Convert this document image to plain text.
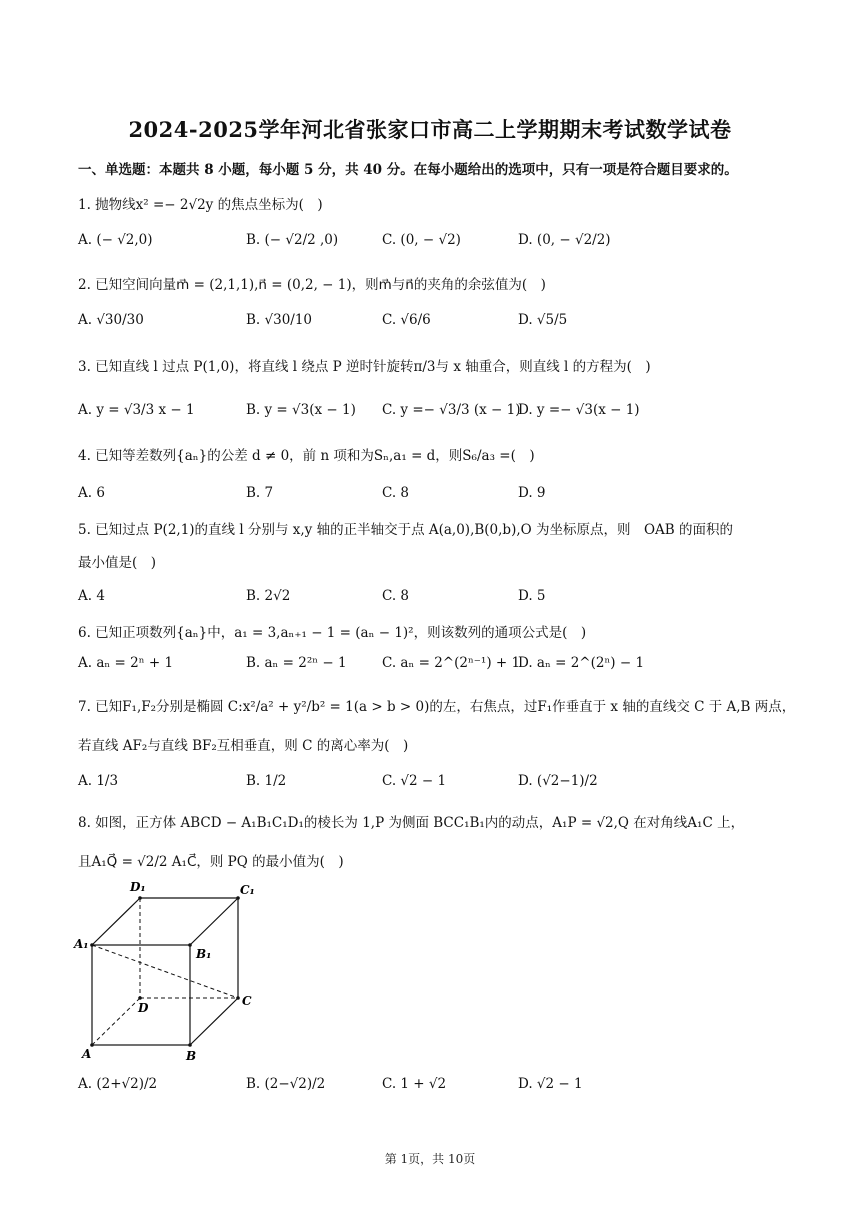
2024-2025学年河北省张家口市高二上学期期末考试数学试卷
一、单选题：本题共 8 小题，每小题 5 分，共 40 分。在每小题给出的选项中，只有一项是符合题目要求的。
1. 抛物线x² =− 2√2y 的焦点坐标为(　)
A. (− √2,0)	B. (− √2/2 ,0)	C. (0, − √2)	D. (0, − √2/2)
2. 已知空间向量m⃗ = (2,1,1),n⃗ = (0,2, − 1)，则m⃗与n⃗的夹角的余弦值为(　)
A. √30/30	B. √30/10	C. √6/6	D. √5/5
3. 已知直线 l 过点 P(1,0)，将直线 l 绕点 P 逆时针旋转π/3与 x 轴重合，则直线 l 的方程为(　)
A. y = √3/3 x − 1	B. y = √3(x − 1) C. y =− √3/3 (x − 1)
D. y =− √3(x − 1)
4. 已知等差数列{aₙ}的公差 d ≠ 0，前 n 项和为Sₙ,a₁ = d，则S₆/a₃ =(　)
A. 6	B. 7	C. 8	D. 9
5. 已知过点 P(2,1)的直线 l 分别与 x,y 轴的正半轴交于点 A(a,0),B(0,b),O 为坐标原点，则　OAB 的面积的
最小值是(　)
A. 4	B. 2√2	C. 8	D. 5
6. 已知正项数列{aₙ}中，a₁ = 3,aₙ₊₁ − 1 = (aₙ − 1)²，则该数列的通项公式是(　)
A. aₙ = 2ⁿ + 1	B. aₙ = 2²ⁿ − 1	C. aₙ = 2^(2ⁿ⁻¹) + 1
D. aₙ = 2^(2ⁿ) − 1
7. 已知F₁,F₂分别是椭圆 C:x²/a² + y²/b² = 1(a > b > 0)的左，右焦点，过F₁作垂直于 x 轴的直线交 C 于 A,B 两点，
若直线 AF₂与直线 BF₂互相垂直，则 C 的离心率为(　)
A. 1/3	B. 1/2	C. √2 − 1	D. (√2−1)/2
8. 如图，正方体 ABCD − A₁B₁C₁D₁的棱长为 1,P 为侧面 BCC₁B₁内的动点，A₁P = √2,Q 在对角线A₁C 上，
且A₁Q⃗ = √2/2 A₁C⃗，则 PQ 的最小值为(　)
D₁	C₁
A₁
B₁
D	C
A	B
A. (2+√2)/2	B. (2−√2)/2	C. 1 + √2	D. √2 − 1
第 1页，共 10页
